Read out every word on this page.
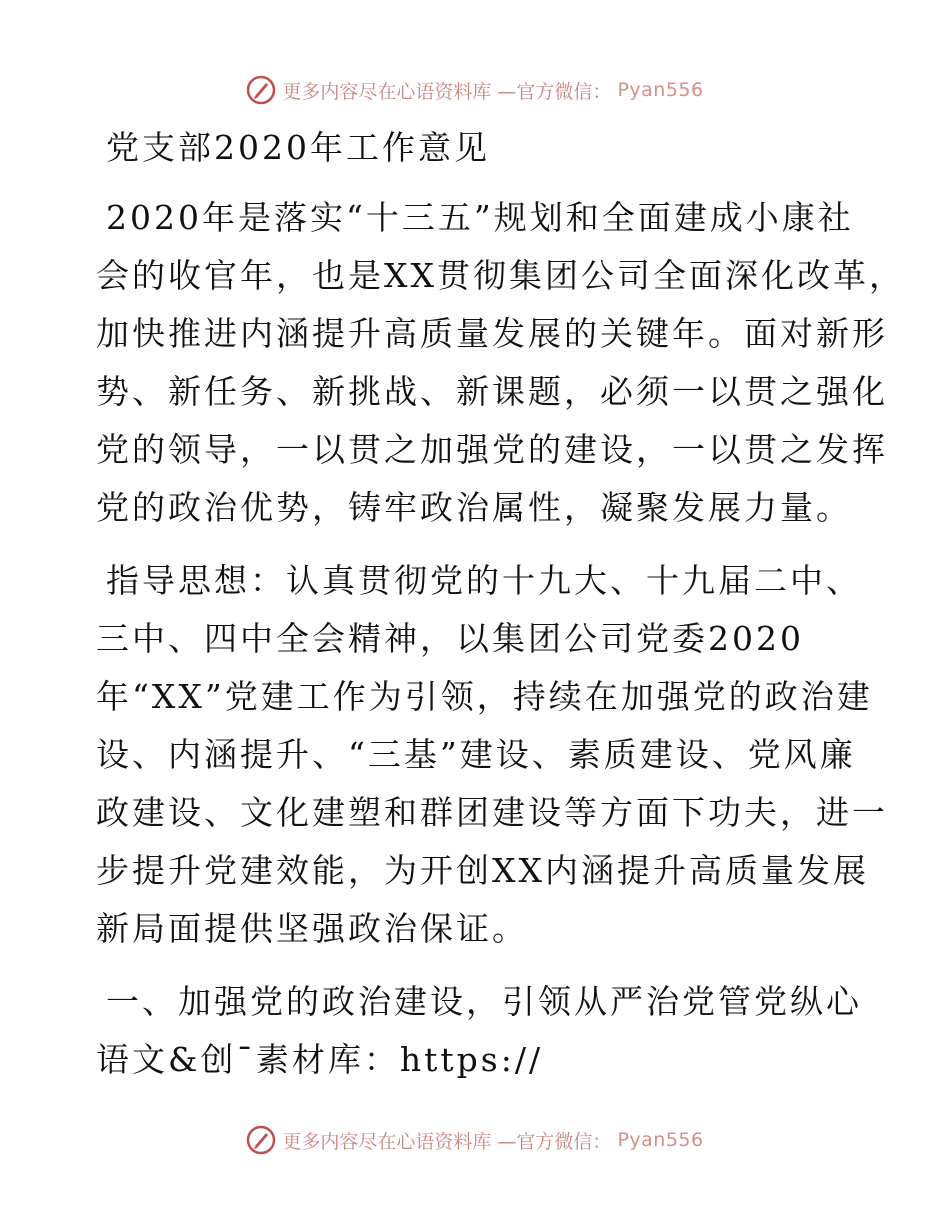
更多内容尽在心语资料库 —官方微信： Pyan556
党支部2020年工作意见
2020年是落实“十三五”规划和全面建成小康社
会的收官年，也是XX贯彻集团公司全面深化改革，
加快推进内涵提升高质量发展的关键年。面对新形
势、新任务、新挑战、新课题，必须一以贯之强化
党的领导，一以贯之加强党的建设，一以贯之发挥
党的政治优势，铸牢政治属性，凝聚发展力量。
指导思想：认真贯彻党的十九大、十九届二中、
三中、四中全会精神，以集团公司党委2020
年“XX”党建工作为引领，持续在加强党的政治建
设、内涵提升、“三基”建设、素质建设、党风廉
政建设、文化建塑和群团建设等方面下功夫，进一
步提升党建效能，为开创XX内涵提升高质量发展
新局面提供坚强政治保证。
一、加强党的政治建设，引领从严治党管党纵心
语文&创¯素材库：https://
更多内容尽在心语资料库 —官方微信： Pyan556
